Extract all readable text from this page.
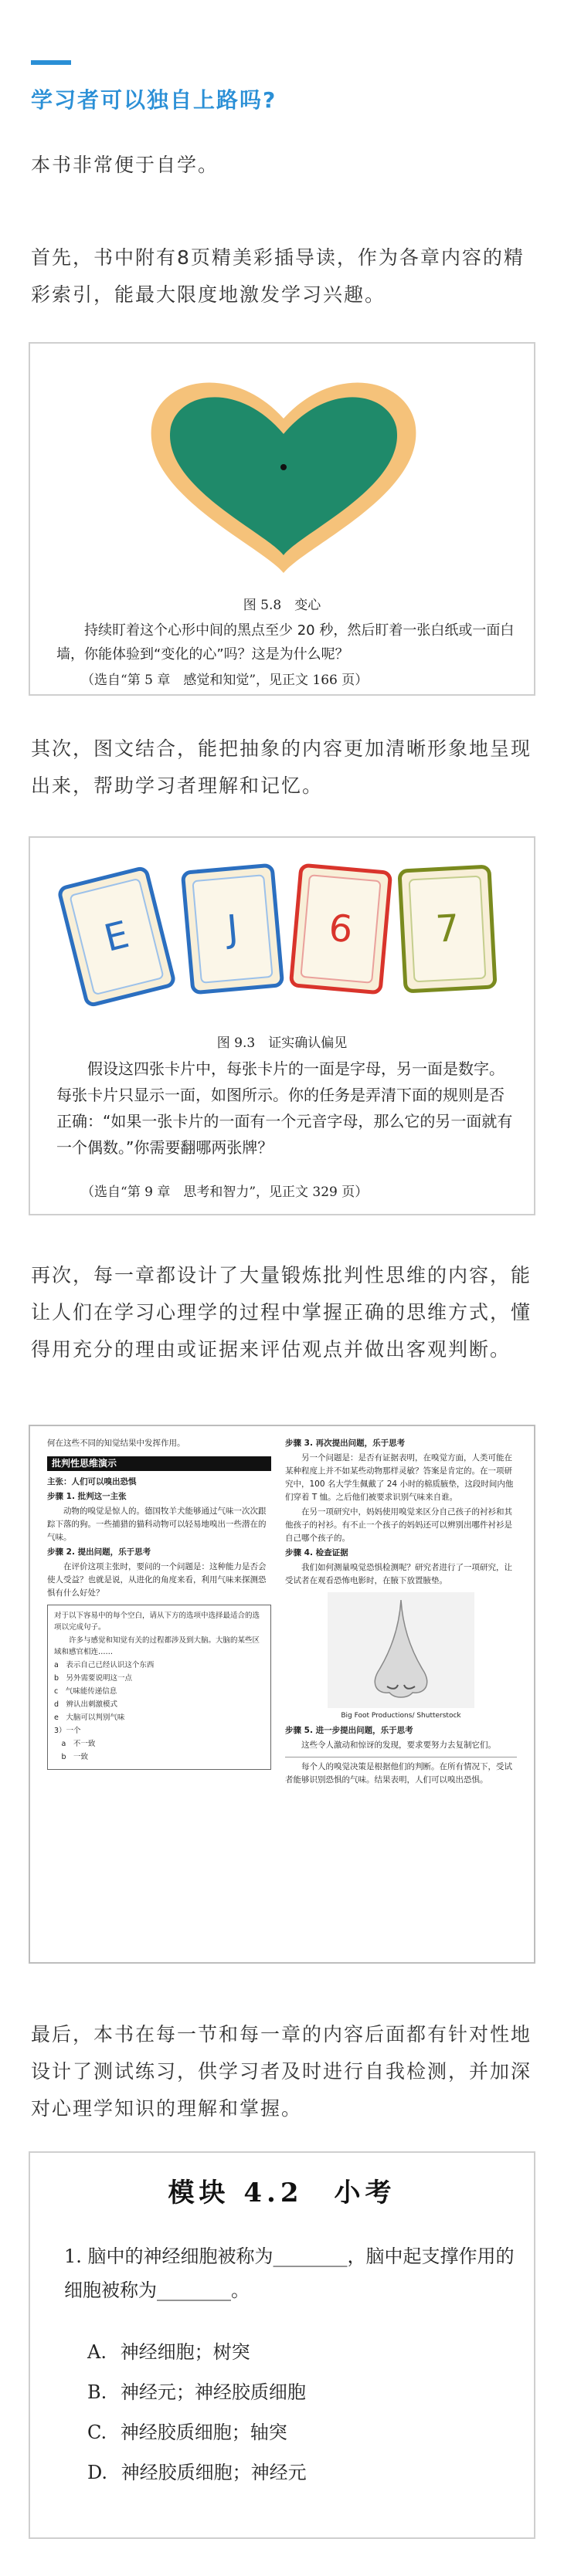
学习者可以独自上路吗?
本书非常便于自学。
首先，书中附有8页精美彩插导读，作为各章内容的精彩索引，能最大限度地激发学习兴趣。
图 5.8　变心
持续盯着这个心形中间的黑点至少 20 秒，然后盯着一张白纸或一面白墙，你能体验到“变化的心”吗？这是为什么呢？
（选自“第 5 章　感觉和知觉”，见正文 166 页）
其次，图文结合，能把抽象的内容更加清晰形象地呈现出来，帮助学习者理解和记忆。
E J 6 7
图 9.3　证实确认偏见
假设这四张卡片中，每张卡片的一面是字母，另一面是数字。每张卡片只显示一面，如图所示。你的任务是弄清下面的规则是否正确：“如果一张卡片的一面有一个元音字母，那么它的另一面就有一个偶数。”你需要翻哪两张牌？
（选自“第 9 章　思考和智力”，见正文 329 页）
再次，每一章都设计了大量锻炼批判性思维的内容，能让人们在学习心理学的过程中掌握正确的思维方式，懂得用充分的理由或证据来评估观点并做出客观判断。

何在这些不同的知觉结果中发挥作用。

批判性思维演示

主张：人们可以嗅出恐惧

步骤 1. 批判这一主张

动物的嗅觉是惊人的。德国牧羊犬能够通过气味一次次跟踪下落的狗。一些捕猎的猫科动物可以轻易地嗅出一些潜在的气味。

步骤 2. 提出问题，乐于思考

在评价这项主张时，要问的一个问题是：这种能力是否会使人受益？也就是说，从进化的角度来看，利用气味来探测恐惧有什么好处？

对于以下容易中的每个空白，请从下方的选项中选择最适合的选项以完成句子。

许多与感觉和知觉有关的过程都涉及到大脑。大脑的某些区域和感官相连……

a　表示自己已经认识这个东西

b　另外需要说明这一点

c　气味能传递信息

d　辨认出刺激模式

e　大脑可以判别气味

3）一个

a　不一致

b　一致

步骤 3. 再次提出问题，乐于思考

另一个问题是：是否有证据表明，在嗅觉方面，人类可能在某种程度上并不如某些动物那样灵敏？答案是肯定的。在一项研究中，100 名大学生佩戴了 24 小时的棉质腋垫，这段时间内他们穿着 T 恤。之后他们被要求识别气味来自谁。

在另一项研究中，妈妈使用嗅觉来区分自己孩子的衬衫和其他孩子的衬衫。有不止一个孩子的妈妈还可以辨别出哪件衬衫是自己哪个孩子的。

步骤 4. 检查证据

我们如何测量嗅觉恐惧检测呢？研究者进行了一项研究，让受试者在观看恐怖电影时，在腋下放置腋垫。

Big Foot Productions/ Shutterstock

步骤 5. 进一步提出问题，乐于思考

这些令人激动和惊讶的发现，要求要努力去复制它们。

每个人的嗅觉决策是根据他们的判断。在所有情况下，受试者能够识别恐惧的气味。结果表明，人们可以嗅出恐惧。

最后，本书在每一节和每一章的内容后面都有针对性地设计了测试练习，供学习者及时进行自我检测，并加深对心理学知识的理解和掌握。
模块 4.2　小考
1. 脑中的神经细胞被称为________，脑中起支撑作用的细胞被称为________。
A. 神经细胞；树突
B. 神经元；神经胶质细胞
C. 神经胶质细胞；轴突
D. 神经胶质细胞；神经元
